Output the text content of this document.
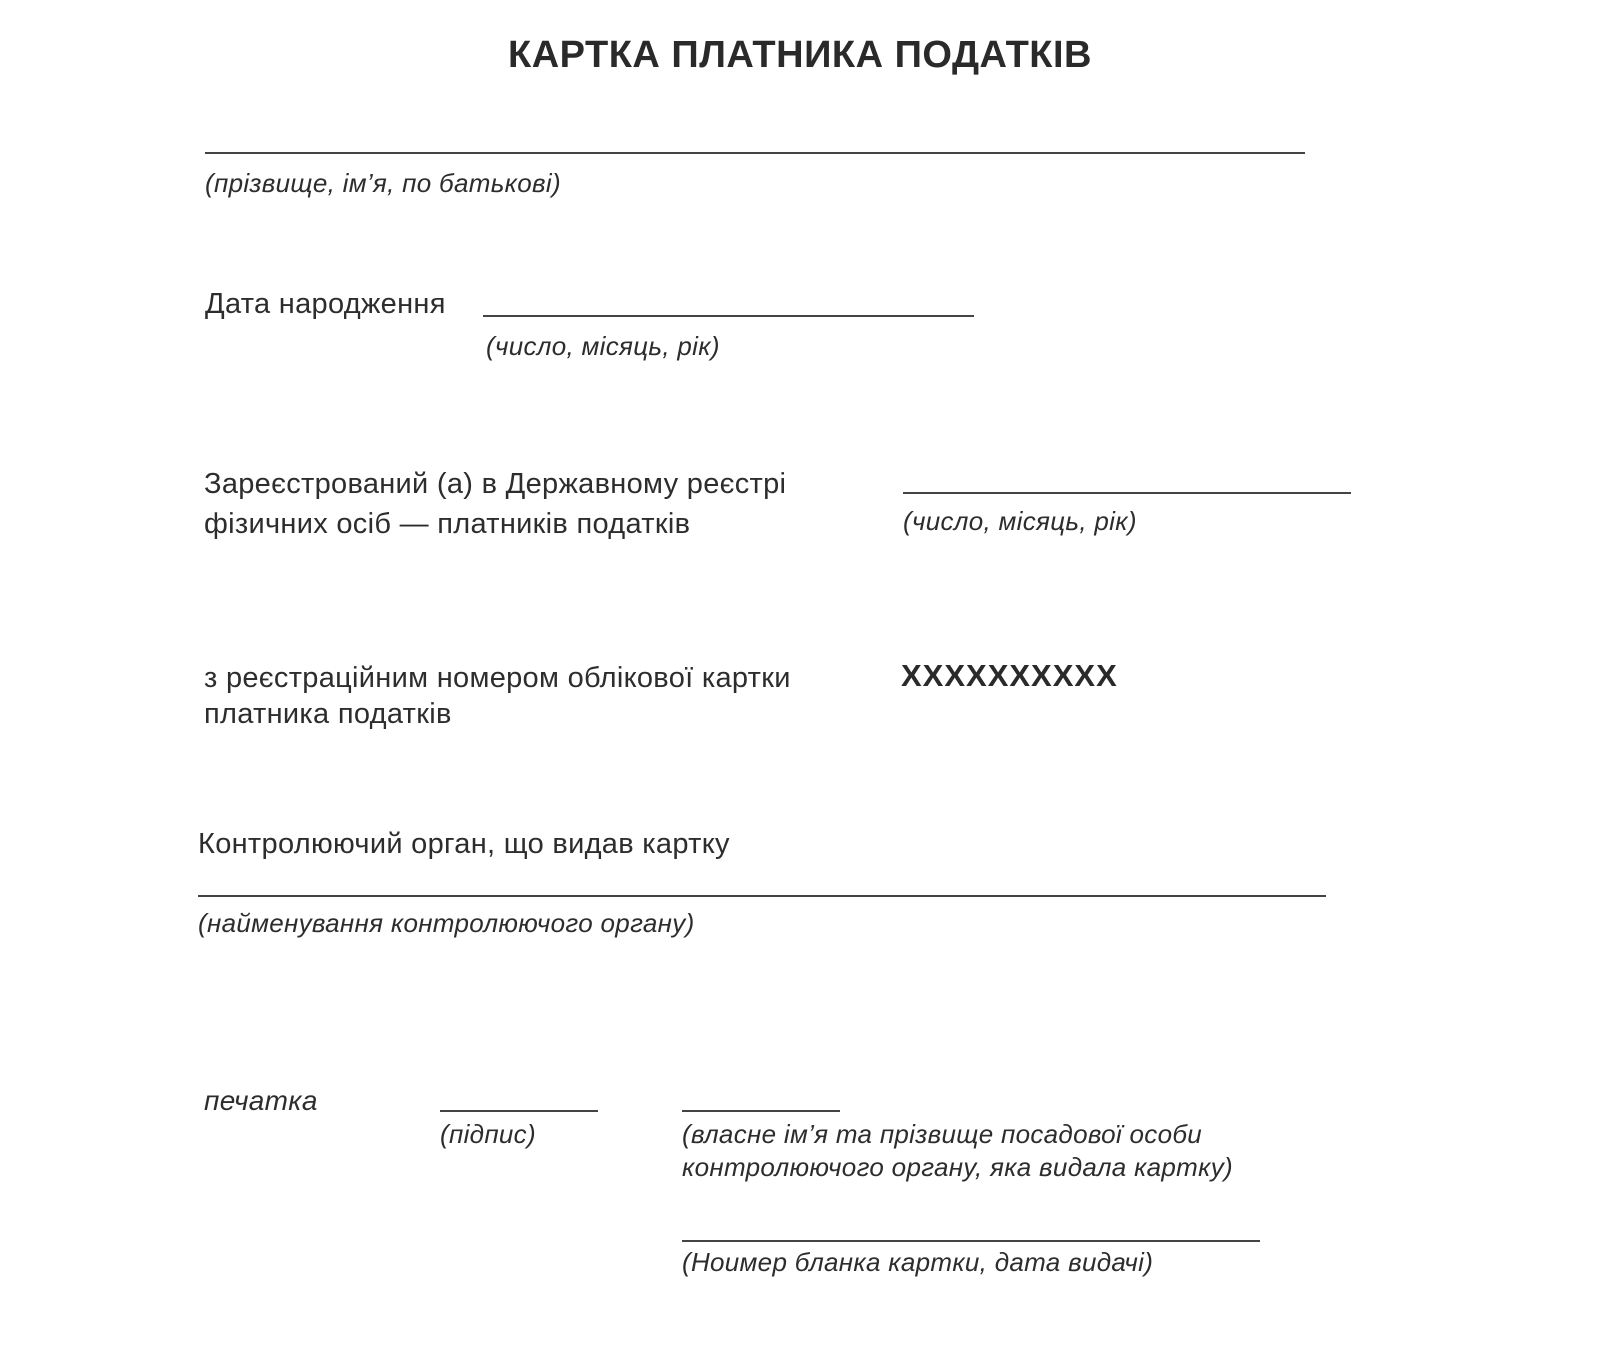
КАРТКА ПЛАТНИКА ПОДАТКІВ
(прізвище, ім’я, по батькові)
Дата народження
(число, місяць, рік)
Зареєстрований (а) в Державному реєстрі
фізичних осіб — платників податків	(число, місяць, рік)
з реєстраційним номером облікової картки
платника податків
XXXXXXXXXX
Контролюючий орган, що видав картку
(найменування контролюючого органу)
печатка
(підпис)	(власне ім’я та прізвище посадової особи
контролюючого органу, яка видала картку)
(Ноимер бланка картки, дата видачі)
